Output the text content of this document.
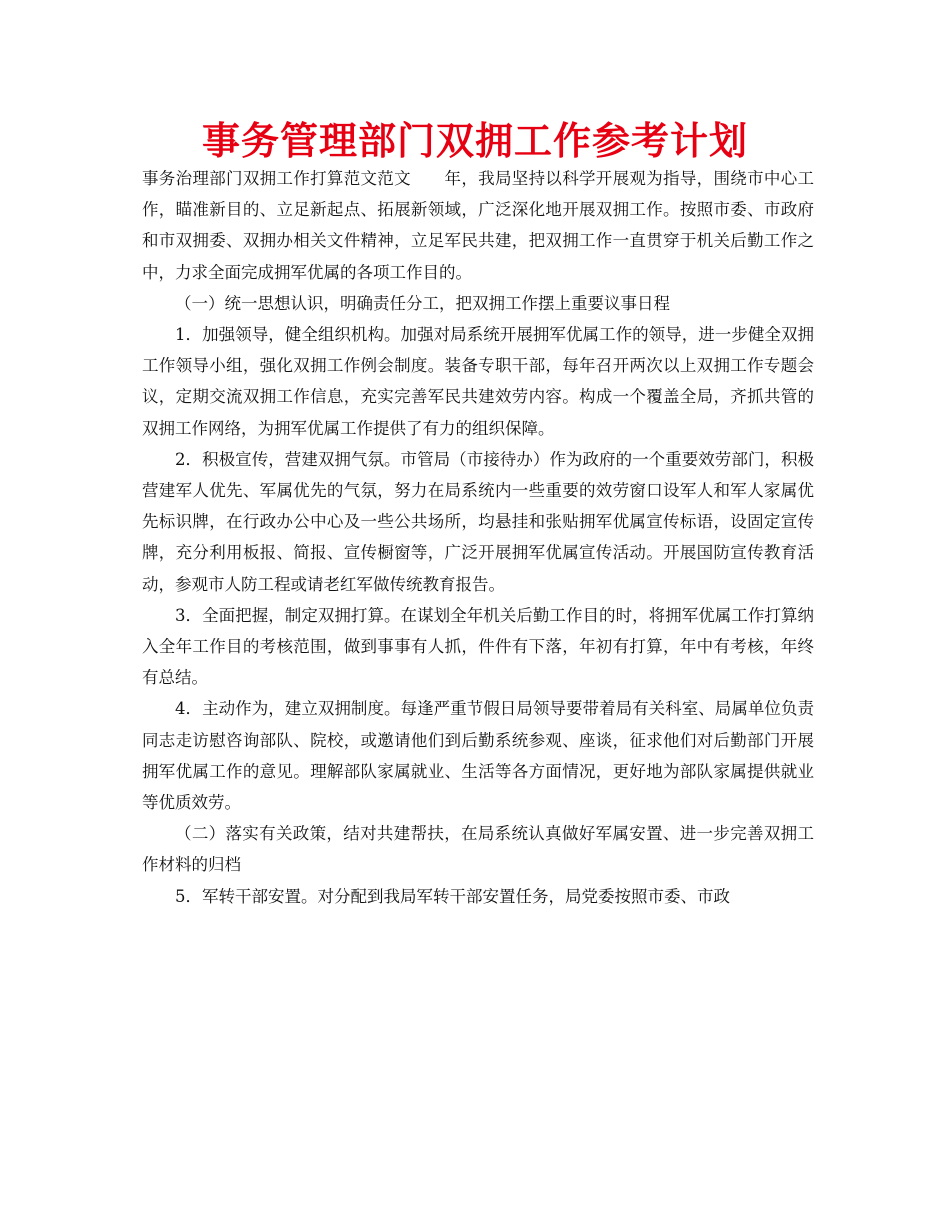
事务管理部门双拥工作参考计划

事务治理部门双拥工作打算范文范文　　年，我局坚持以科学开展观为指导，围绕市中心工作，瞄准新目的、立足新起点、拓展新领域，广泛深化地开展双拥工作。按照市委、市政府和市双拥委、双拥办相关文件精神，立足军民共建，把双拥工作一直贯穿于机关后勤工作之中，力求全面完成拥军优属的各项工作目的。

（一）统一思想认识，明确责任分工，把双拥工作摆上重要议事日程

1．加强领导，健全组织机构。加强对局系统开展拥军优属工作的领导，进一步健全双拥工作领导小组，强化双拥工作例会制度。装备专职干部，每年召开两次以上双拥工作专题会议，定期交流双拥工作信息，充实完善军民共建效劳内容。构成一个覆盖全局，齐抓共管的双拥工作网络，为拥军优属工作提供了有力的组织保障。

2．积极宣传，营建双拥气氛。市管局（市接待办）作为政府的一个重要效劳部门，积极营建军人优先、军属优先的气氛，努力在局系统内一些重要的效劳窗口设军人和军人家属优先标识牌，在行政办公中心及一些公共场所，均悬挂和张贴拥军优属宣传标语，设固定宣传牌，充分利用板报、简报、宣传橱窗等，广泛开展拥军优属宣传活动。开展国防宣传教育活动，参观市人防工程或请老红军做传统教育报告。

3．全面把握，制定双拥打算。在谋划全年机关后勤工作目的时，将拥军优属工作打算纳入全年工作目的考核范围，做到事事有人抓，件件有下落，年初有打算，年中有考核，年终有总结。

4．主动作为，建立双拥制度。每逢严重节假日局领导要带着局有关科室、局属单位负责同志走访慰咨询部队、院校，或邀请他们到后勤系统参观、座谈，征求他们对后勤部门开展拥军优属工作的意见。理解部队家属就业、生活等各方面情况，更好地为部队家属提供就业等优质效劳。

（二）落实有关政策，结对共建帮扶，在局系统认真做好军属安置、进一步完善双拥工作材料的归档

5．军转干部安置。对分配到我局军转干部安置任务，局党委按照市委、市政
